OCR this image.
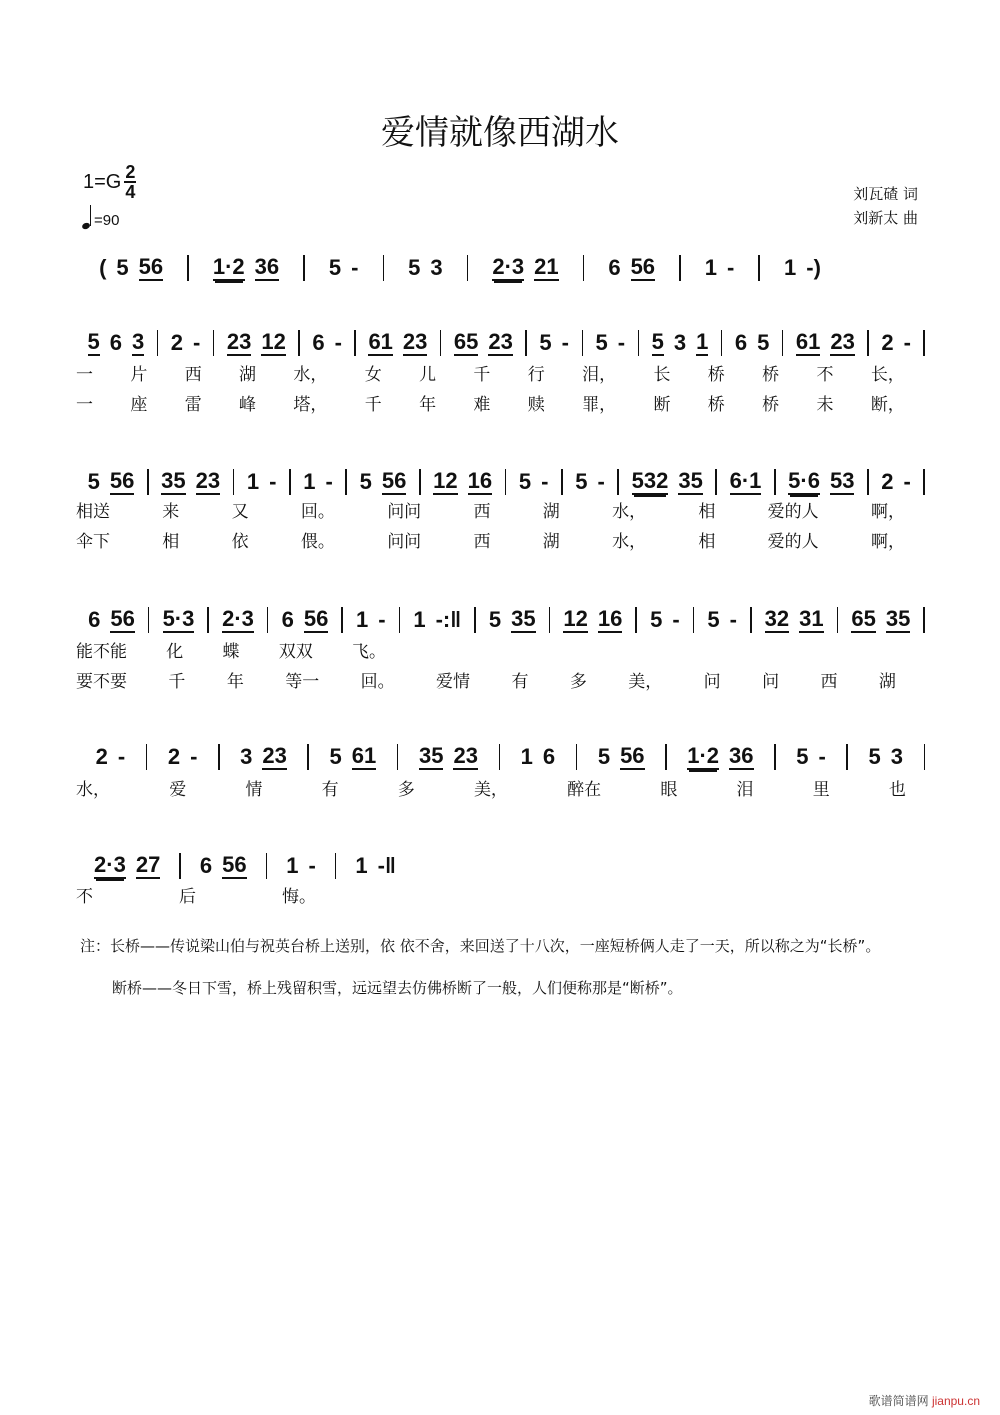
爱情就像西湖水
$1=G \frac{2}{4}$
=90
刘瓦碴 词
刘新太 曲
( 5 56 1·2 36 5 - 5 3 2·3 21 6 56 1 - 1 -)
5 6 3 2 - 23 12 6 - 61 23 65 23 5 - 5 - 5 3 1 6 5 61 23 2 -
5 56 35 23 1 - 1 - 5 56 12 16 5 - 5 - 532 35 6·1 5·6 53 2 -
6 56 5·3 2·3 6 56 1 - 1 -:‖ 5 35 12 16 5 - 5 - 32 31 65 35
2 - 2 - 3 23 5 61 35 23 1 6 5 56 1·2 36 5 - 5 3
2·3 27 6 56 1 - 1 -‖
一 片 西 湖 水， 女 儿 千 行 泪， 长 桥 桥 不 长，
一 座 雷 峰 塔， 千 年 难 赎 罪， 断 桥 桥 未 断，
相送	来	又	回。	问问	西	湖	水，	相	爱的人	啊，
伞下	相	依	偎。	问问	西	湖	水，	相	爱的人	啊，
能不能 化 蝶 双双 飞。
要不要 千 年 等一 回。 爱情 有 多 美， 问 问 西 湖
水，	爱	情	有	多	美，	醉在	眼	泪	里	也
不	后	悔。
注：长桥——传说梁山伯与祝英台桥上送别，依 依不舍，来回送了十八次，一座短桥俩人走了一天，所以称之为“长桥”。
断桥——冬日下雪，桥上残留积雪，远远望去仿佛桥断了一般，人们便称那是“断桥”。
歌谱简谱网 jianpu.cn
